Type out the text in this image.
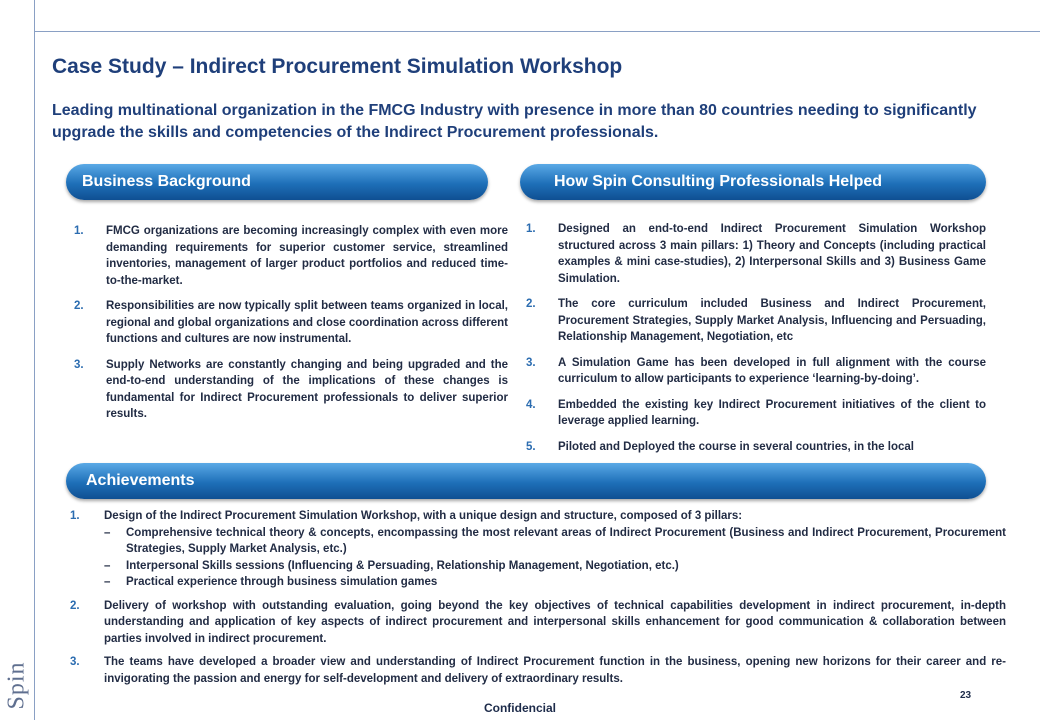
Spin
Case Study – Indirect Procurement Simulation Workshop

Leading multinational organization in the FMCG Industry with presence in more than 80 countries needing to significantly upgrade the skills and competencies of the Indirect Procurement professionals.

Business Background
1. FMCG organizations are becoming increasingly complex with even more demanding requirements for superior customer service, streamlined inventories, management of larger product portfolios and reduced time-to-the-market.
2. Responsibilities are now typically split between teams organized in local, regional and global organizations and close coordination across different functions and cultures are now instrumental.
3. Supply Networks are constantly changing and being upgraded and the end-to-end understanding of the implications of these changes is fundamental for Indirect Procurement professionals to deliver superior results.
How Spin Consulting Professionals Helped
1. Designed an end-to-end Indirect Procurement Simulation Workshop structured across 3 main pillars: 1) Theory and Concepts (including practical examples & mini case-studies), 2) Interpersonal Skills and 3) Business Game Simulation.
2. The core curriculum included Business and Indirect Procurement, Procurement Strategies, Supply Market Analysis, Influencing and Persuading, Relationship Management, Negotiation, etc
3. A Simulation Game has been developed in full alignment with the course curriculum to allow participants to experience ‘learning-by-doing’.
4. Embedded the existing key Indirect Procurement initiatives of the client to leverage applied learning.
5. Piloted and Deployed the course in several countries, in the local
Achievements
1. Design of the Indirect Procurement Simulation Workshop, with a unique design and structure, composed of 3 pillars:
– Comprehensive technical theory & concepts, encompassing the most relevant areas of Indirect Procurement (Business and Indirect Procurement, Procurement Strategies, Supply Market Analysis, etc.)
– Interpersonal Skills sessions (Influencing & Persuading, Relationship Management, Negotiation, etc.)
– Practical experience through business simulation games
2. Delivery of workshop with outstanding evaluation, going beyond the key objectives of technical capabilities development in indirect procurement, in-depth understanding and application of key aspects of indirect procurement and interpersonal skills enhancement for good communication & collaboration between parties involved in indirect procurement.
3. The teams have developed a broader view and understanding of Indirect Procurement function in the business, opening new horizons for their career and re-invigorating the passion and energy for self-development and delivery of extraordinary results.
23
Confidencial
